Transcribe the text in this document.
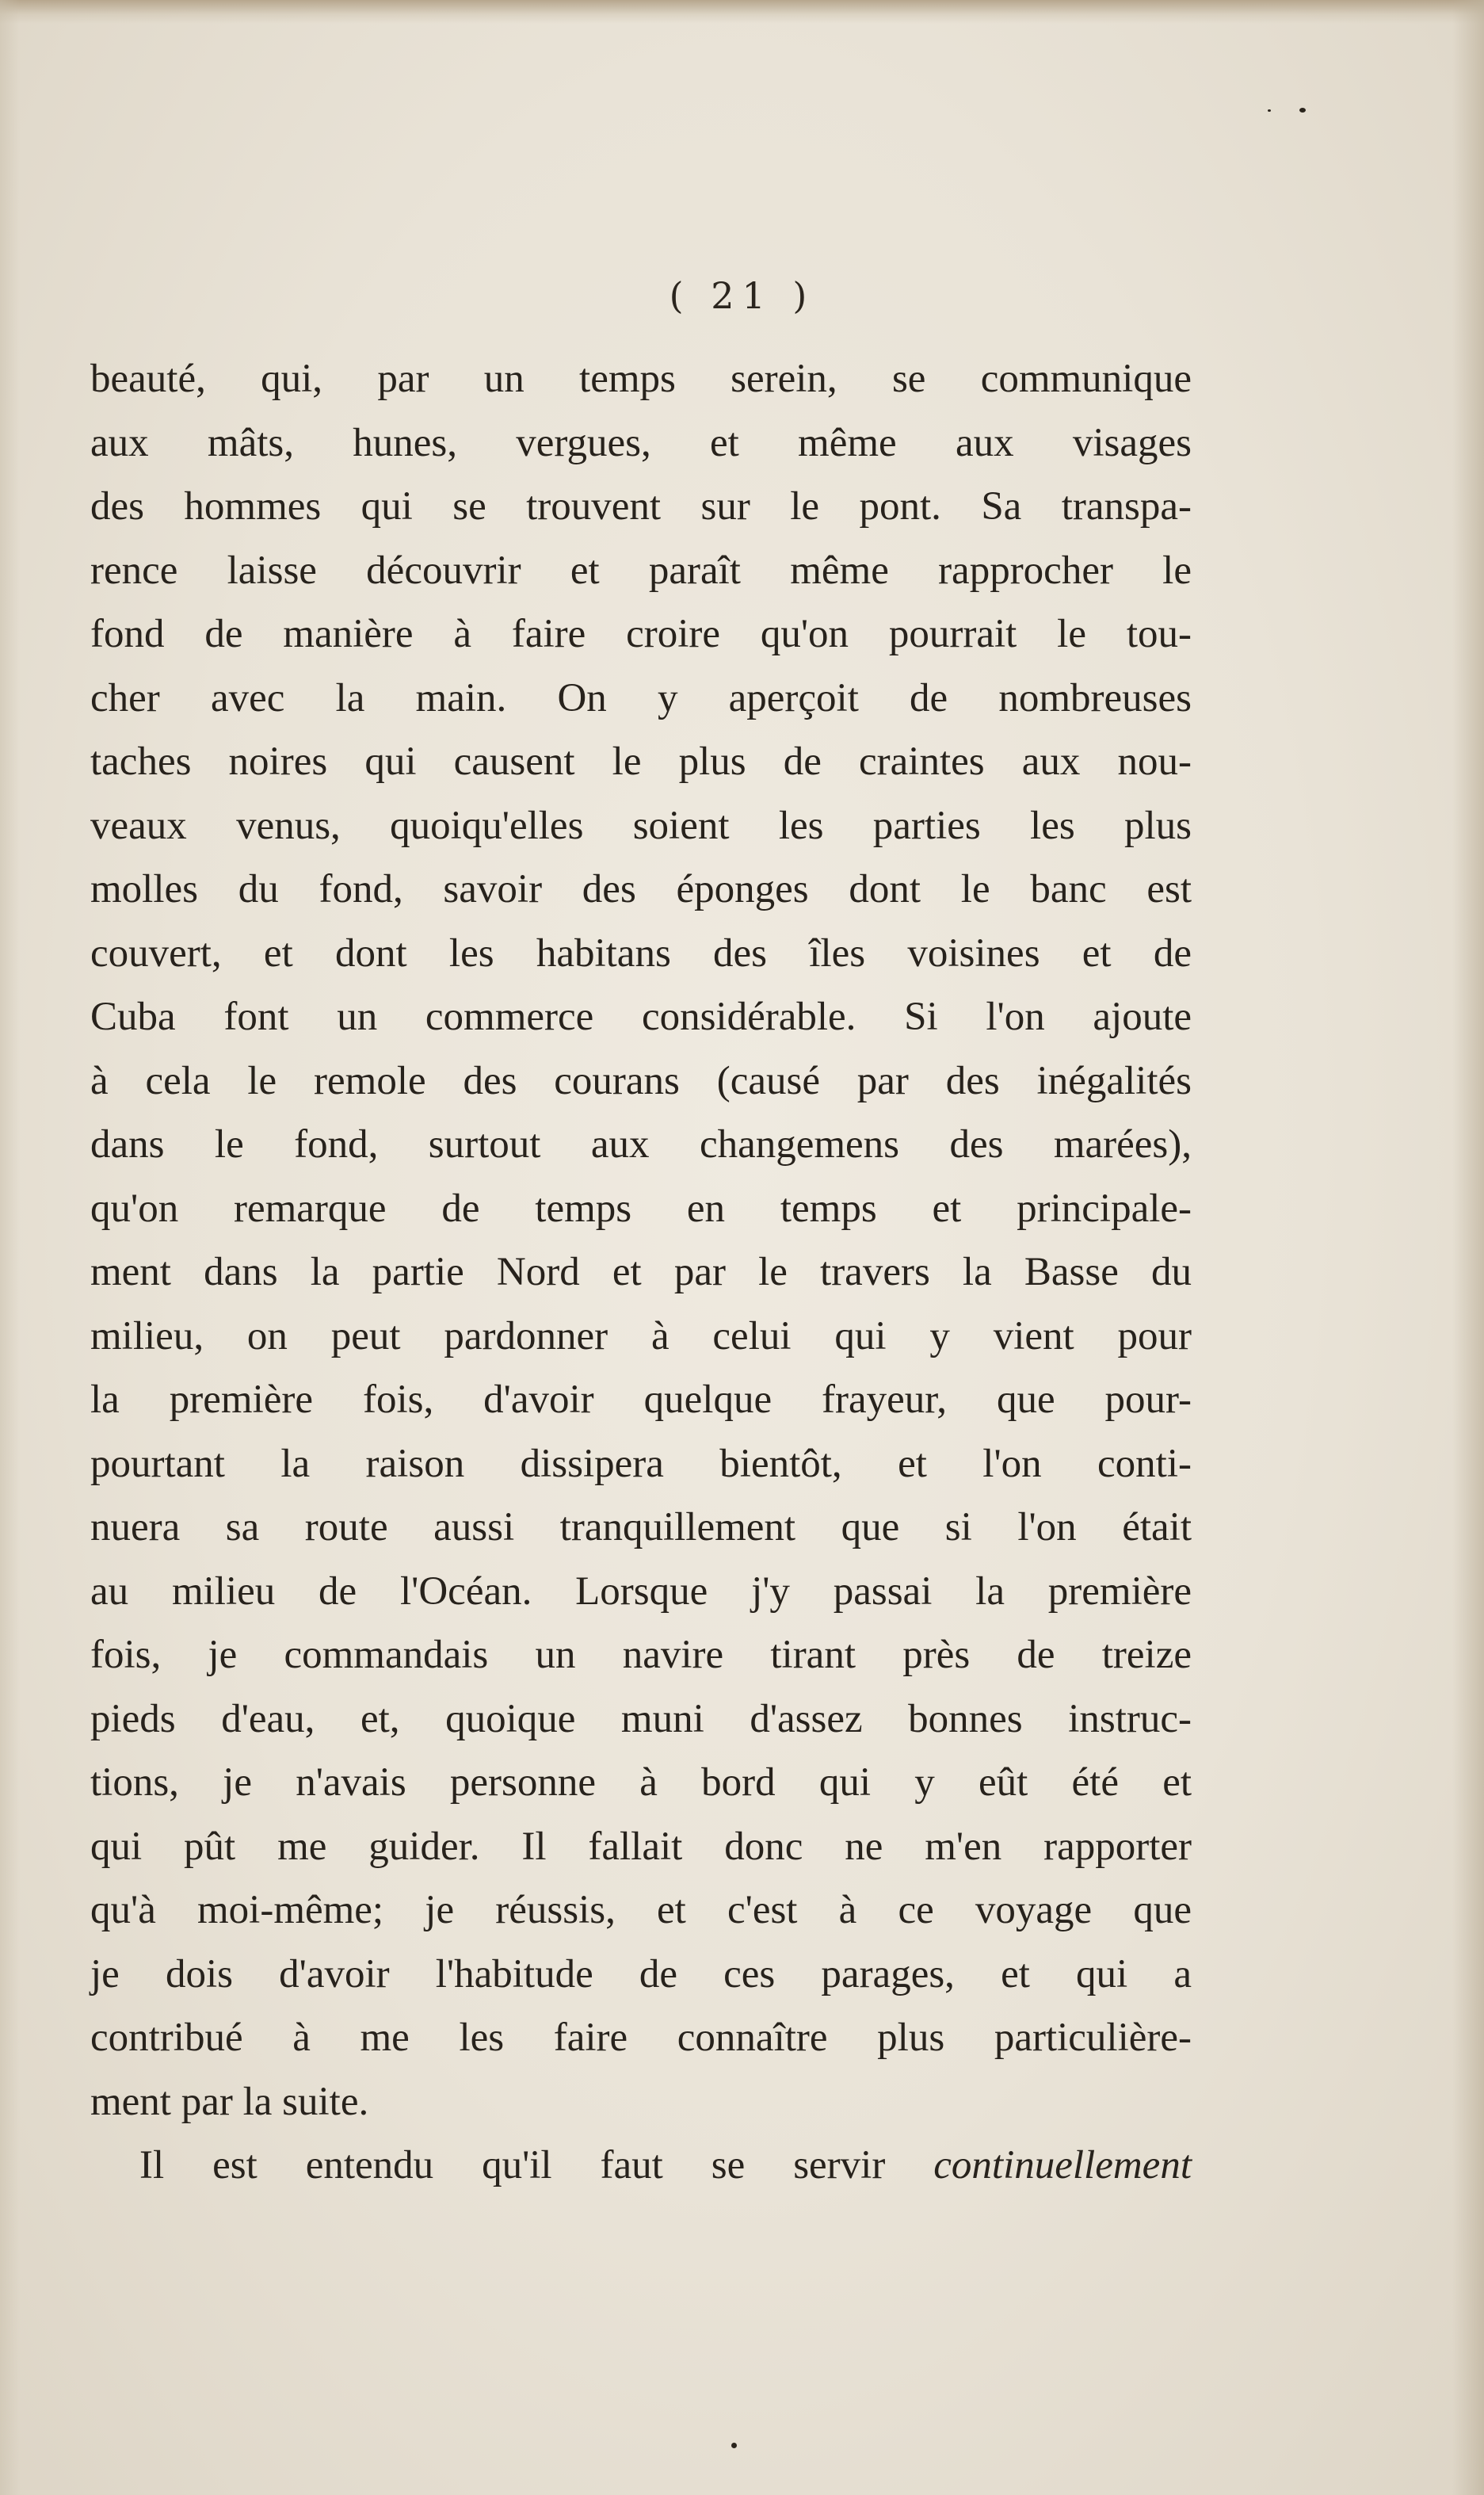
( 21 )
beauté, qui, par un temps serein, se communique
aux mâts, hunes, vergues, et même aux visages
des hommes qui se trouvent sur le pont. Sa transpa-
rence laisse découvrir et paraît même rapprocher le
fond de manière à faire croire qu'on pourrait le tou-
cher avec la main. On y aperçoit de nombreuses
taches noires qui causent le plus de craintes aux nou-
veaux venus, quoiqu'elles soient les parties les plus
molles du fond, savoir des éponges dont le banc est
couvert, et dont les habitans des îles voisines et de
Cuba font un commerce considérable. Si l'on ajoute
à cela le remole des courans (causé par des inégalités
dans le fond, surtout aux changemens des marées),
qu'on remarque de temps en temps et principale-
ment dans la partie Nord et par le travers la Basse du
milieu, on peut pardonner à celui qui y vient pour
la première fois, d'avoir quelque frayeur, que pour-
pourtant la raison dissipera bientôt, et l'on conti-
nuera sa route aussi tranquillement que si l'on était
au milieu de l'Océan. Lorsque j'y passai la première
fois, je commandais un navire tirant près de treize
pieds d'eau, et, quoique muni d'assez bonnes instruc-
tions, je n'avais personne à bord qui y eût été et
qui pût me guider. Il fallait donc ne m'en rapporter
qu'à moi-même; je réussis, et c'est à ce voyage que
je dois d'avoir l'habitude de ces parages, et qui a
contribué à me les faire connaître plus particulière-
ment par la suite.
Il est entendu qu'il faut se servir continuellement
